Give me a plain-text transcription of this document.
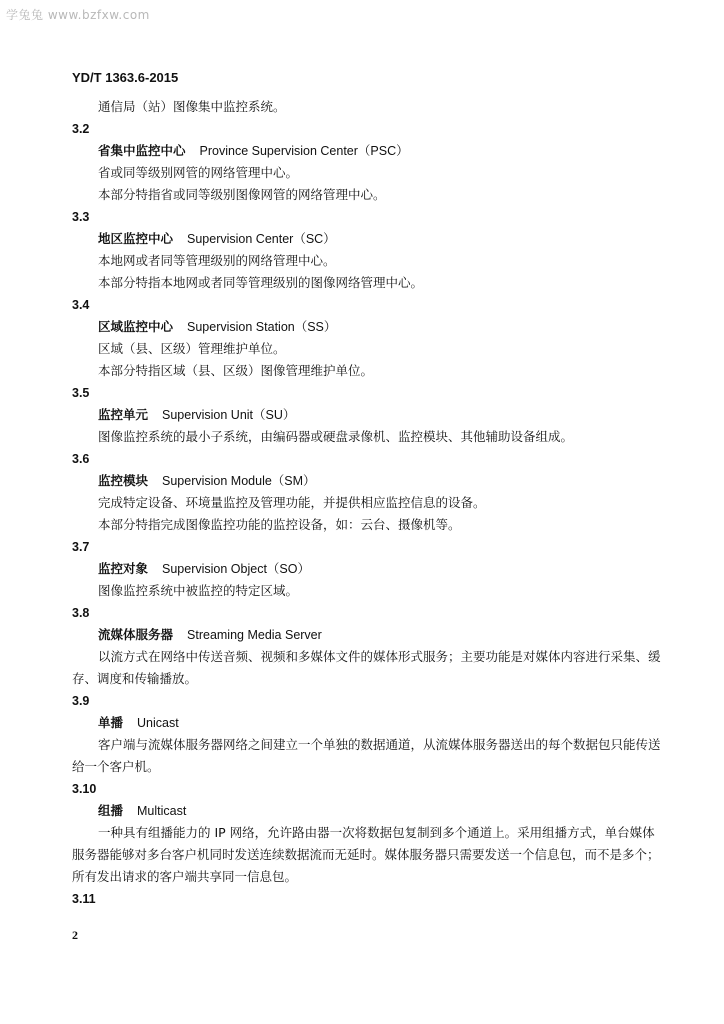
学兔兔 www.bzfxw.com
YD/T 1363.6-2015

通信局（站）图像集中监控系统。

3.2

省集中监控中心 Province Supervision Center（PSC）

省或同等级别网管的网络管理中心。

本部分特指省或同等级别图像网管的网络管理中心。

3.3

地区监控中心 Supervision Center（SC）

本地网或者同等管理级别的网络管理中心。

本部分特指本地网或者同等管理级别的图像网络管理中心。

3.4

区域监控中心 Supervision Station（SS）

区域（县、区级）管理维护单位。

本部分特指区域（县、区级）图像管理维护单位。

3.5

监控单元 Supervision Unit（SU）

图像监控系统的最小子系统，由编码器或硬盘录像机、监控模块、其他辅助设备组成。

3.6

监控模块 Supervision Module（SM）

完成特定设备、环境量监控及管理功能，并提供相应监控信息的设备。

本部分特指完成图像监控功能的监控设备，如：云台、摄像机等。

3.7

监控对象 Supervision Object（SO）

图像监控系统中被监控的特定区域。

3.8

流媒体服务器 Streaming Media Server

以流方式在网络中传送音频、视频和多媒体文件的媒体形式服务；主要功能是对媒体内容进行采集、缓存、调度和传输播放。

3.9

单播 Unicast

客户端与流媒体服务器网络之间建立一个单独的数据通道，从流媒体服务器送出的每个数据包只能传送给一个客户机。

3.10

组播 Multicast

一种具有组播能力的 IP 网络，允许路由器一次将数据包复制到多个通道上。采用组播方式，单台媒体服务器能够对多台客户机同时发送连续数据流而无延时。媒体服务器只需要发送一个信息包，而不是多个；所有发出请求的客户端共享同一信息包。

3.11

2
